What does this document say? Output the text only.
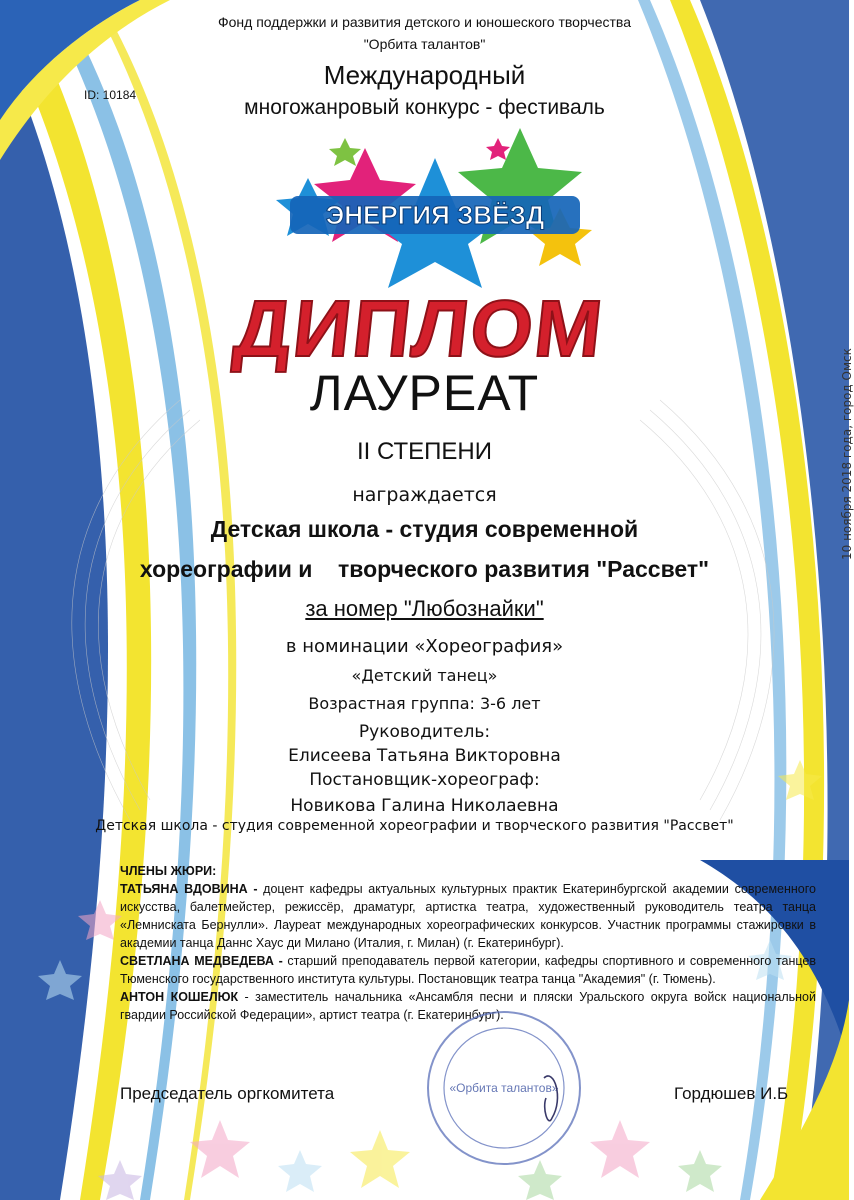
Фонд поддержки и развития детского и юношеского творчества
"Орбита талантов"
ID: 10184
Международный
многожанровый конкурс - фестиваль
ЭНЕРГИЯ ЗВЁЗД
ДИПЛОМ
ЛАУРЕАТ
II СТЕПЕНИ
награждается
Детская школа - студия современной
хореографии и    творческого развития "Рассвет"
за номер "Любознайки"
в номинации «Хореография»
«Детский танец»
Возрастная группа: 3-6 лет
Руководитель:
Елисеева Татьяна Викторовна
Постановщик-хореограф:
Новикова Галина Николаевна
Детская школа - студия современной хореографии и творческого развития "Рассвет"

ЧЛЕНЫ ЖЮРИ:

ТАТЬЯНА ВДОВИНА - доцент кафедры актуальных культурных практик Екатеринбургской академии современного искусства, балетмейстер, режиссёр, драматург, артистка театра, художественный руководитель театра танца «Лемниската Бернулли». Лауреат международных хореографических конкурсов. Участник программы стажировки в академии танца Даннс Хаус ди Милано (Италия, г. Милан) (г. Екатеринбург).

СВЕТЛАНА МЕДВЕДЕВА - старший преподаватель первой категории, кафедры спортивного и современного танцев Тюменского государственного института культуры. Постановщик театра танца "Академия" (г. Тюмень).

АНТОН КОШЕЛЮК - заместитель начальника «Ансамбля песни и пляски Уральского округа войск национальной гвардии Российской Федерации», артист театра (г. Екатеринбург).

«Орбита талантов»
Председатель оргкомитета	Гордюшев И.Б
10 ноября 2018 года, город Омск
